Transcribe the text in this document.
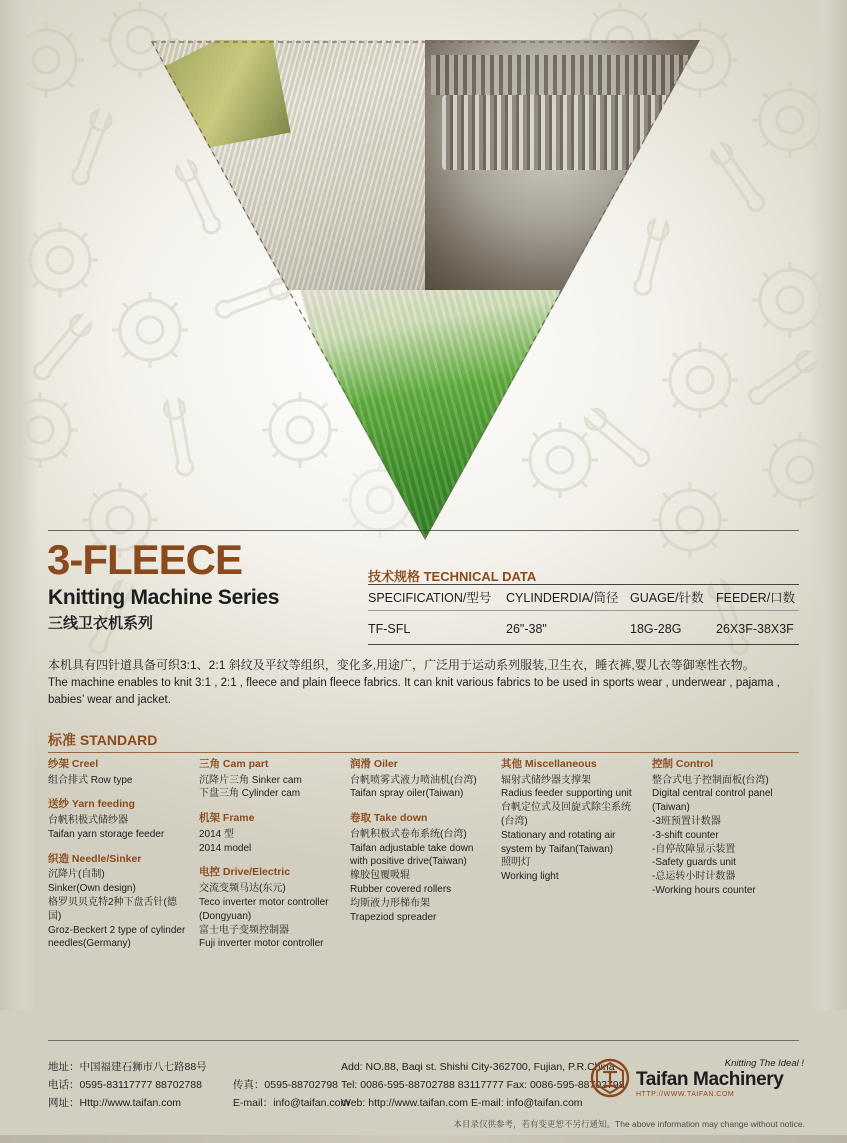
3-FLEECE
Knitting Machine Series
三线卫衣机系列
技术规格 TECHNICAL DATA
SPECIFICATION/型号 CYLINDERDIA/筒径 GUAGE/针数 FEEDER/口数
TF-SFL	26"-38"	18G-28G	26X3F-38X3F
本机具有四针道具备可织3:1、2:1 斜纹及平纹等组织，变化多,用途广，广泛用于运动系列服装,卫生衣，睡衣裤,婴儿衣等御寒性衣物。
The machine enables to knit 3:1 , 2:1 , fleece and plain fleece fabrics. It can knit various fabrics to be used in sports wear , underwear , pajama , babies’ wear and jacket.
标准 STANDARD
纱架 Creel

组合排式 Row type

送纱 Yarn feeding

台帆积极式储纱器
Taifan yarn storage feeder

织造 Needle/Sinker

沉降片(自制)
Sinker(Own design)
格罗贝贝克特2种下盘舌针(德国)
Groz-Beckert 2 type of cylinder needles(Germany)

三角 Cam part

沉降片三角 Sinker cam
下盘三角 Cylinder cam

机架 Frame

2014 型
2014 model

电控 Drive/Electric

交流变频马达(东元)
Teco inverter motor controller (Dongyuan)
富士电子变频控制器
Fuji inverter motor controller

润滑 Oiler

台帆喷雾式液力喷油机(台湾)
Taifan spray oiler(Taiwan)

卷取 Take down

台帆积极式卷布系统(台湾)
Taifan adjustable take down with positive drive(Taiwan)
橡胶包覆吸辊
Rubber covered rollers
均斯液力形梯布架
Trapeziod spreader

其他 Miscellaneous

辐射式储纱器支撑架
Radius feeder supporting unit
台帆定位式及回旋式除尘系统(台湾)
Stationary and rotating air system by Taifan(Taiwan)
照明灯
Working light

控制 Control

整合式电子控制面板(台湾)
Digital central control panel (Taiwan)
-3班预置计数器
-3-shift counter
-自停故障显示装置
-Safety guards unit
-总运转小时计数器
-Working hours counter

地址：中国福建石狮市八七路88号
电话：0595-83117777 88702788	传真：0595-88702798
网址：Http://www.taifan.com	E-mail：info@taifan.com
Add: NO.88, Baqi st. Shishi City-362700, Fujian, P.R.China
Tel: 0086-595-88702788 83117777 Fax: 0086-595-88702798
Web: http://www.taifan.com E-mail: info@taifan.com
Knitting The Ideal !
Taifan Machinery
HTTP://WWW.TAIFAN.COM
本目录仅供参考，若有变更恕不另行通知。The above information may change without notice.
